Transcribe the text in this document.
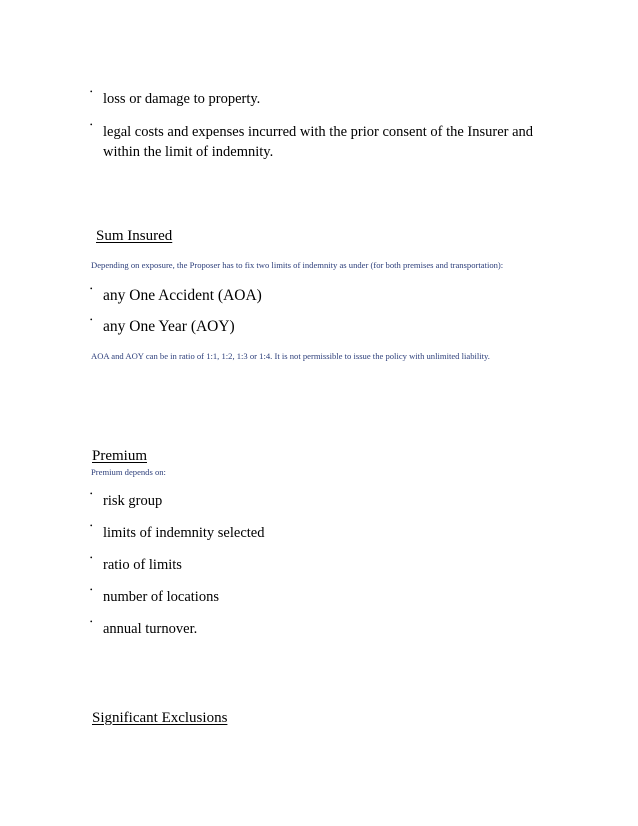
• loss or damage to property.
• legal costs and expenses incurred with the prior consent of the Insurer and within the limit of indemnity.
Sum Insured
Depending on exposure, the Proposer has to fix two limits of indemnity as under (for both premises and transportation):
• any One Accident (AOA)
• any One Year (AOY)
AOA and AOY can be in ratio of 1:1, 1:2, 1:3 or 1:4. It is not permissible to issue the policy with unlimited liability.
Premium
Premium depends on:
• risk group
• limits of indemnity selected
• ratio of limits
• number of locations
• annual turnover.
Significant Exclusions
